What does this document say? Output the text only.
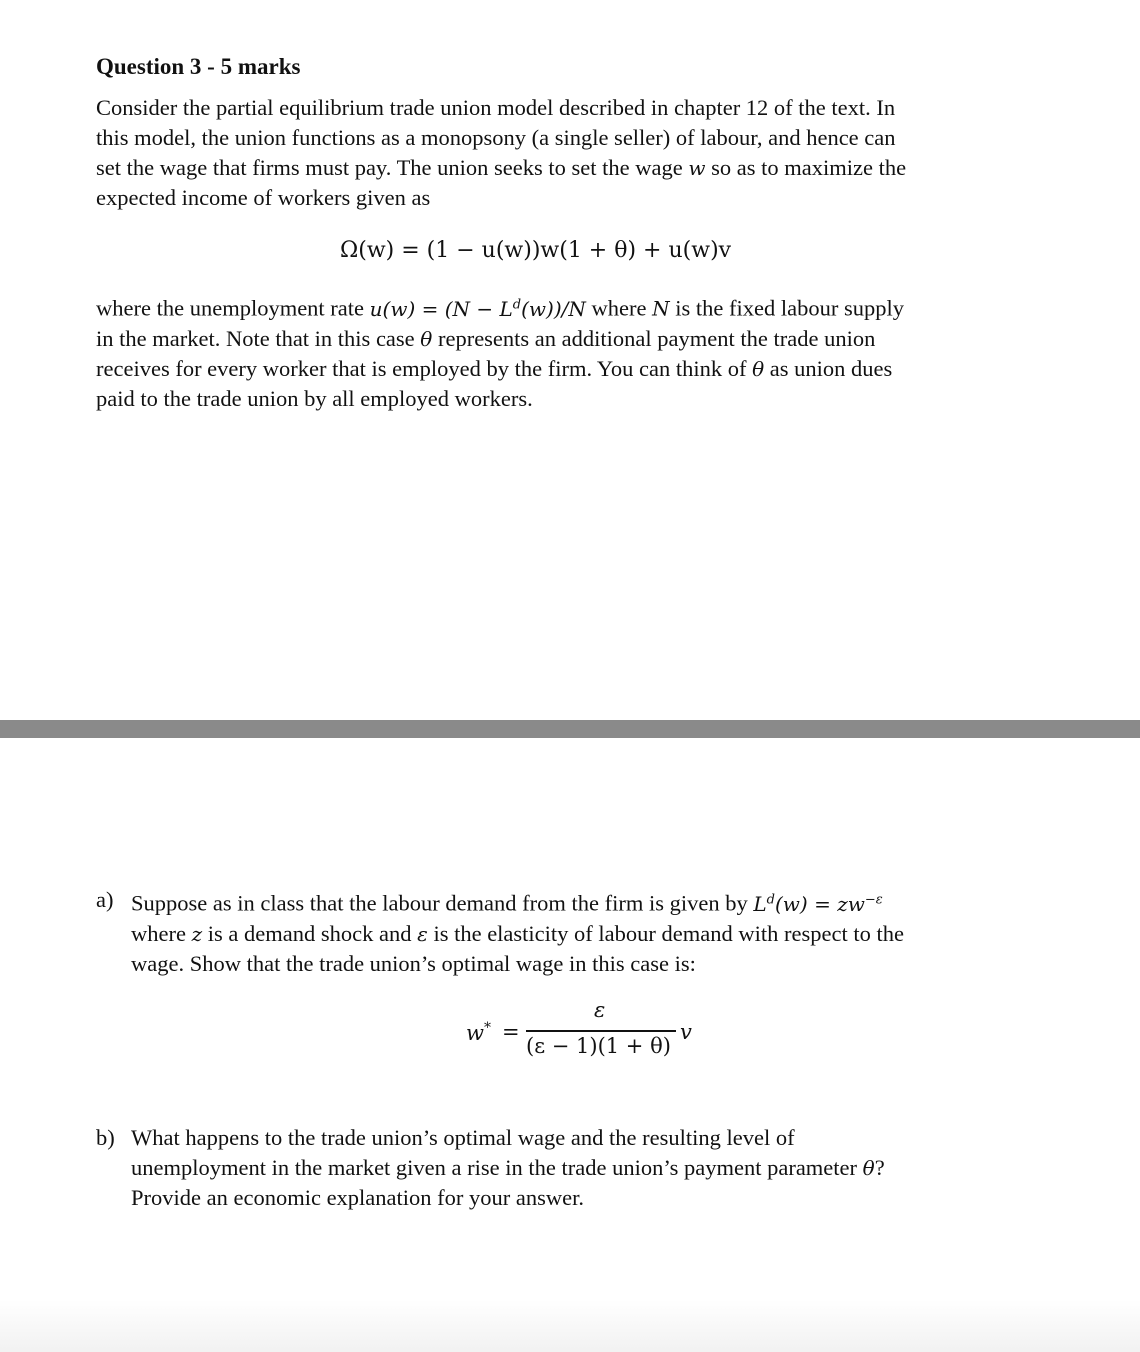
Question 3 - 5 marks
Consider the partial equilibrium trade union model described in chapter 12 of the text. In
this model, the union functions as a monopsony (a single seller) of labour, and hence can
set the wage that firms must pay. The union seeks to set the wage w so as to maximize the
expected income of workers given as
Ω(w) = (1 − u(w))w(1 + θ) + u(w)v
where the unemployment rate $u(w) = (N - L^d(w))/N$ where N is the fixed labour supply
in the market. Note that in this case θ represents an additional payment the trade union
receives for every worker that is employed by the firm. You can think of θ as union dues
paid to the trade union by all employed workers.
a) Suppose as in class that the labour demand from the firm is given by $L^d(w) = zw^{-\varepsilon}$
where z is a demand shock and ε is the elasticity of labour demand with respect to the
wage. Show that the trade union’s optimal wage in this case is:
w* =
ε
(ε − 1)(1 + θ)
v
b) What happens to the trade union’s optimal wage and the resulting level of
unemployment in the market given a rise in the trade union’s payment parameter θ?
Provide an economic explanation for your answer.
